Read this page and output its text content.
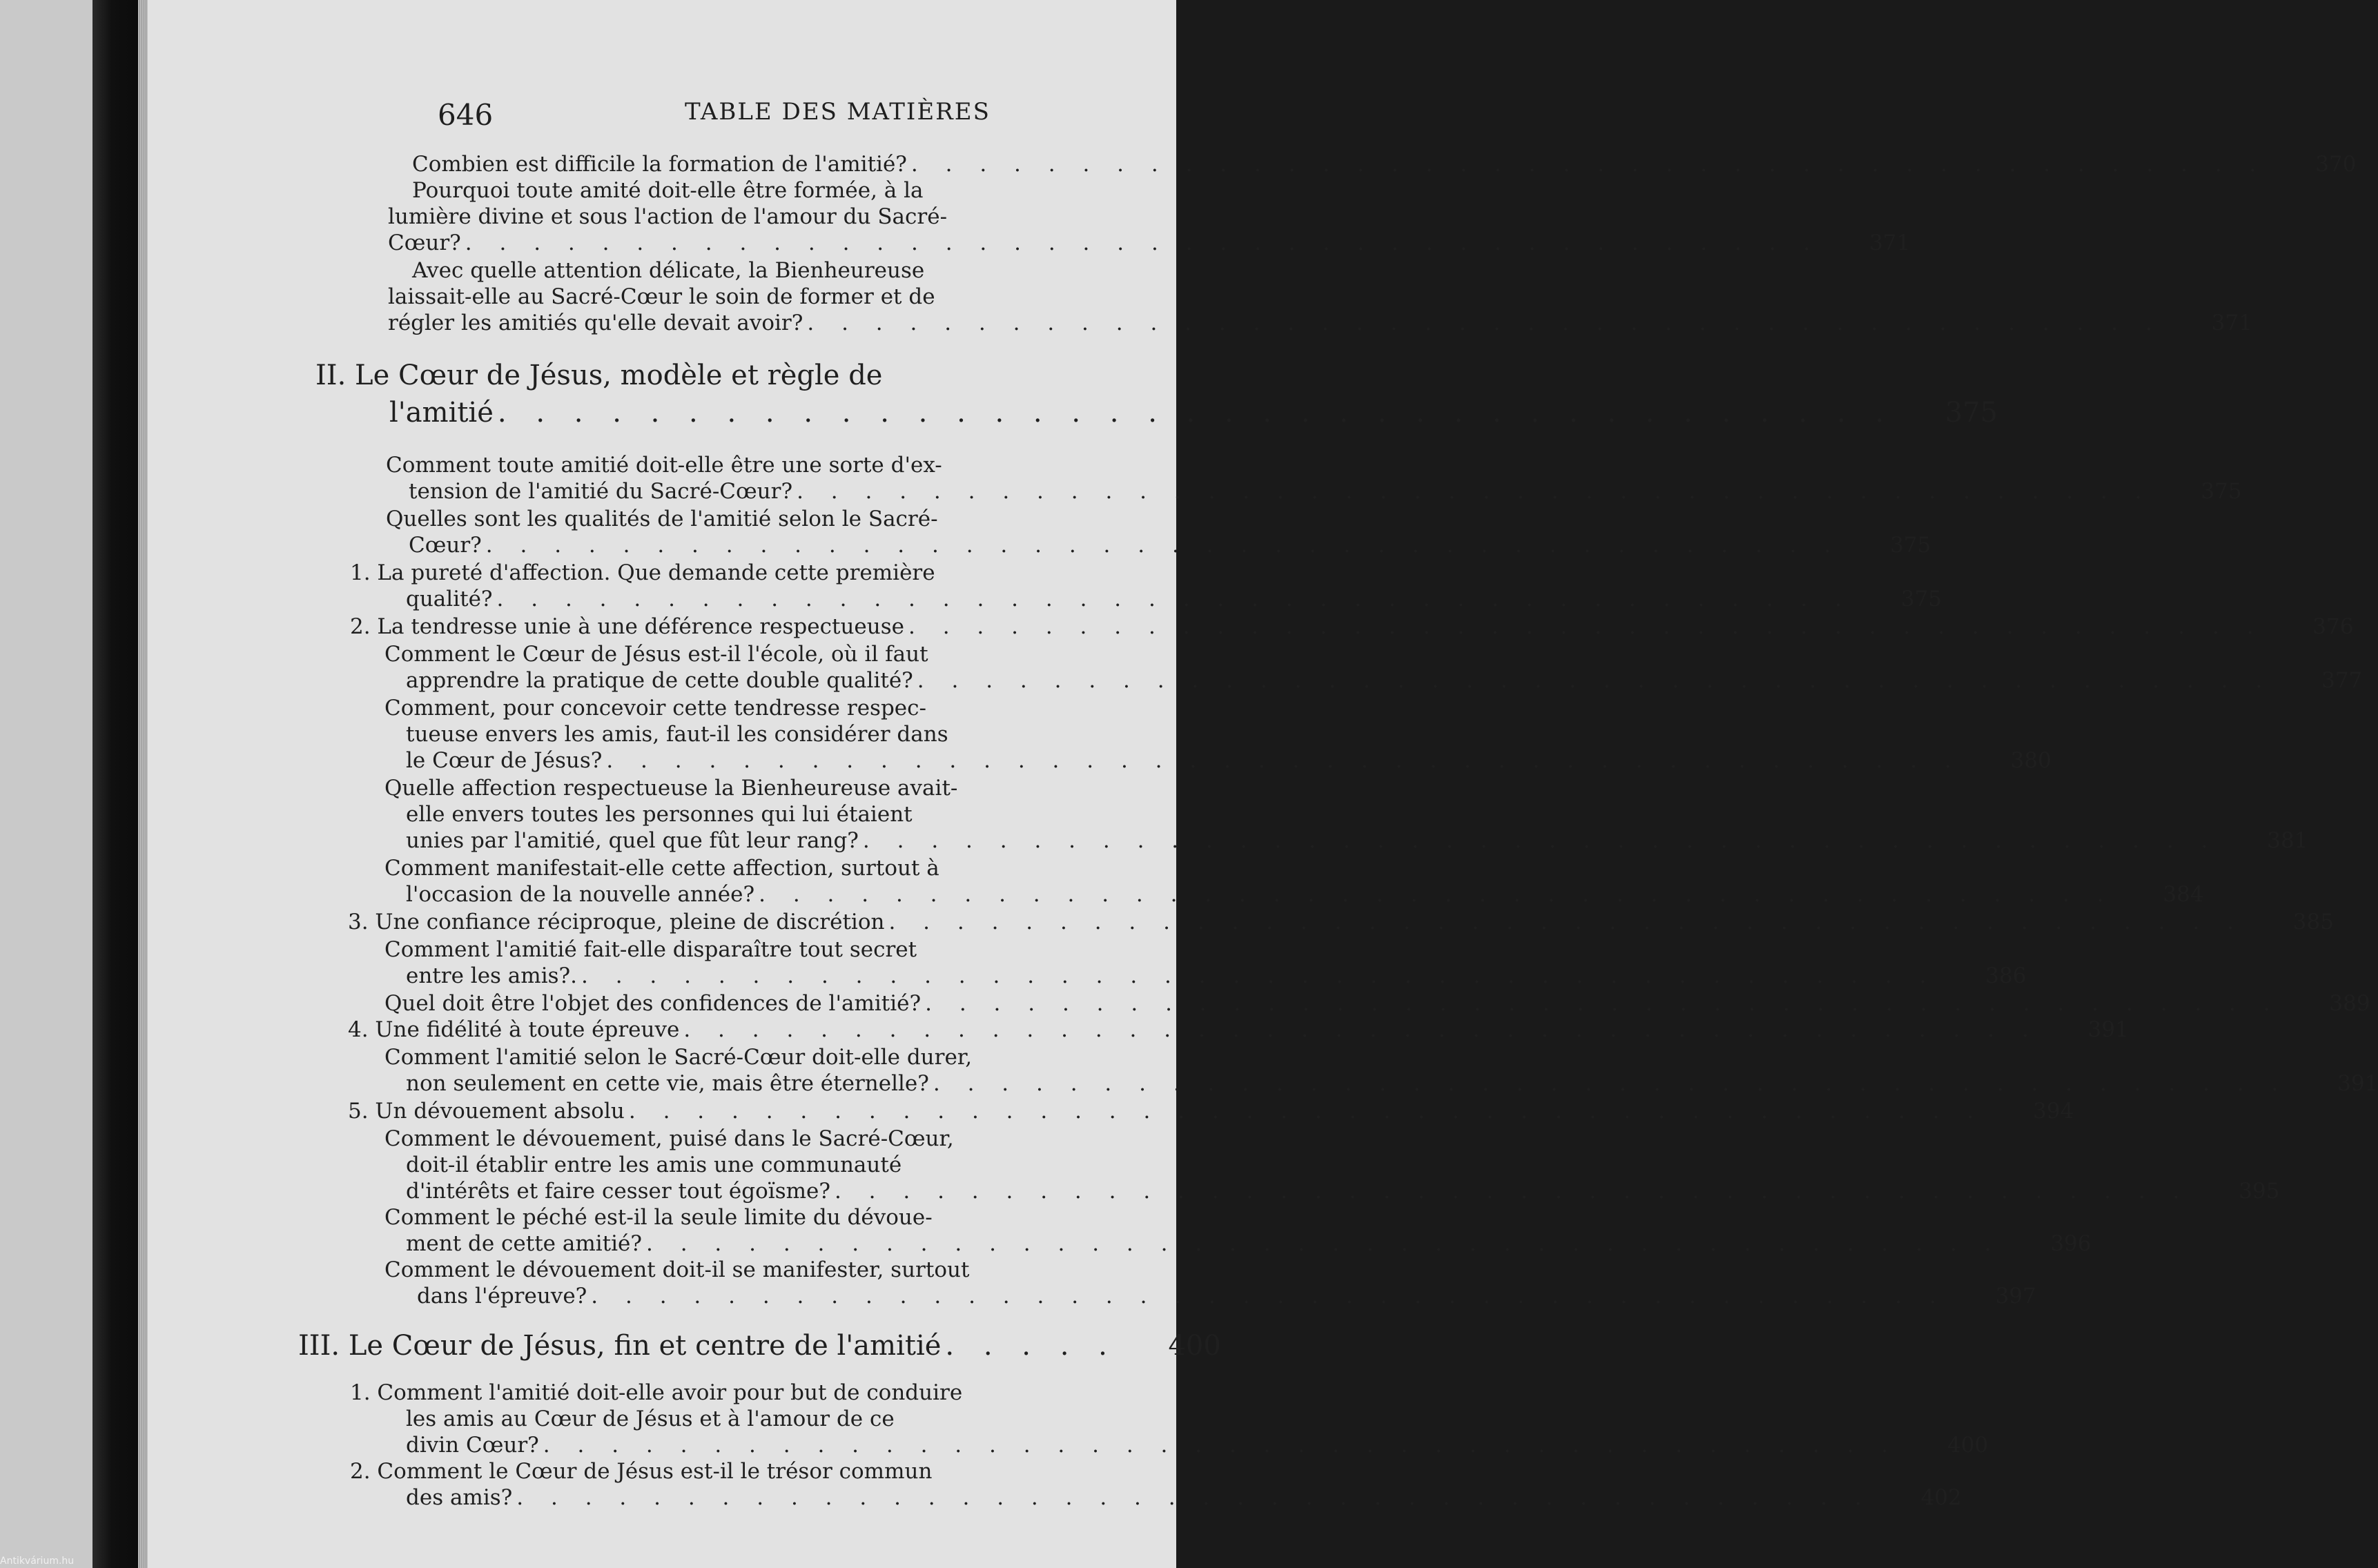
646	TABLE DES MATIÈRES
Combien est difficile la formation de l'amitié? . . . . . . . . . . . . . . . . . . . . . . . . . . . . . . . . . . . . . . . .	370
Pourquoi toute amité doit-elle être formée, à la
lumière divine et sous l'action de l'amour du Sacré-
Cœur? . . . . . . . . . . . . . . . . . . . . . . . . . . . . . . . . . . . . . . . .	371
Avec quelle attention délicate, la Bienheureuse
laissait-elle au Sacré-Cœur le soin de former et de
régler les amitiés qu'elle devait avoir? . . . . . . . . . . . . . . . . . . . . . . . . . . . . . . . . . . . . . . . .	371
II. Le Cœur de Jésus, modèle et règle de
l'amitié . . . . . . . . . . . . . . . . . . . . . . . . . . . . . . . . . . . . .	375
Comment toute amitié doit-elle être une sorte d'ex-
tension de l'amitié du Sacré-Cœur? . . . . . . . . . . . . . . . . . . . . . . . . . . . . . . . . . . . . . . . .	375
Quelles sont les qualités de l'amitié selon le Sacré-
Cœur? . . . . . . . . . . . . . . . . . . . . . . . . . . . . . . . . . . . . . . . .	375
1. La pureté d'affection. Que demande cette première
qualité? . . . . . . . . . . . . . . . . . . . . . . . . . . . . . . . . . . . . . . . .	375
2. La tendresse unie à une déférence respectueuse . . . . . . . . . . . . . . . . . . . . . . . . . . . . . . . . . . . . . . . .	376
Comment le Cœur de Jésus est-il l'école, où il faut
apprendre la pratique de cette double qualité? . . . . . . . . . . . . . . . . . . . . . . . . . . . . . . . . . . . . . . . .	377
Comment, pour concevoir cette tendresse respec-
tueuse envers les amis, faut-il les considérer dans
le Cœur de Jésus? . . . . . . . . . . . . . . . . . . . . . . . . . . . . . . . . . . . . . . . .	380
Quelle affection respectueuse la Bienheureuse avait-
elle envers toutes les personnes qui lui étaient
unies par l'amitié, quel que fût leur rang? . . . . . . . . . . . . . . . . . . . . . . . . . . . . . . . . . . . . . . . .	381
Comment manifestait-elle cette affection, surtout à
l'occasion de la nouvelle année? . . . . . . . . . . . . . . . . . . . . . . . . . . . . . . . . . . . . . . . .	384
3. Une confiance réciproque, pleine de discrétion . . . . . . . . . . . . . . . . . . . . . . . . . . . . . . . . . . . . . . . .	385
Comment l'amitié fait-elle disparaître tout secret
entre les amis?. . . . . . . . . . . . . . . . . . . . . . . . . . . . . . . . . . . . . . . . .	386
Quel doit être l'objet des confidences de l'amitié? . . . . . . . . . . . . . . . . . . . . . . . . . . . . . . . . . . . . . . . .	389
4. Une fidélité à toute épreuve . . . . . . . . . . . . . . . . . . . . . . . . . . . . . . . . . . . . . . . .	391
Comment l'amitié selon le Sacré-Cœur doit-elle durer,
non seulement en cette vie, mais être éternelle? . . . . . . . . . . . . . . . . . . . . . . . . . . . . . . . . . . . . . . . .	391
5. Un dévouement absolu . . . . . . . . . . . . . . . . . . . . . . . . . . . . . . . . . . . . . . . .	394
Comment le dévouement, puisé dans le Sacré-Cœur,
doit-il établir entre les amis une communauté
d'intérêts et faire cesser tout égoïsme? . . . . . . . . . . . . . . . . . . . . . . . . . . . . . . . . . . . . . . . .	395
Comment le péché est-il la seule limite du dévoue-
ment de cette amitié? . . . . . . . . . . . . . . . . . . . . . . . . . . . . . . . . . . . . . . . .	396
Comment le dévouement doit-il se manifester, surtout
dans l'épreuve? . . . . . . . . . . . . . . . . . . . . . . . . . . . . . . . . . . . . . . . .	397
III. Le Cœur de Jésus, fin et centre de l'amitié . . . . .	400
1. Comment l'amitié doit-elle avoir pour but de conduire
les amis au Cœur de Jésus et à l'amour de ce
divin Cœur? . . . . . . . . . . . . . . . . . . . . . . . . . . . . . . . . . . . . . . . .	400
2. Comment le Cœur de Jésus est-il le trésor commun
des amis? . . . . . . . . . . . . . . . . . . . . . . . . . . . . . . . . . . . . . . . .	402
Antikvárium.hu
